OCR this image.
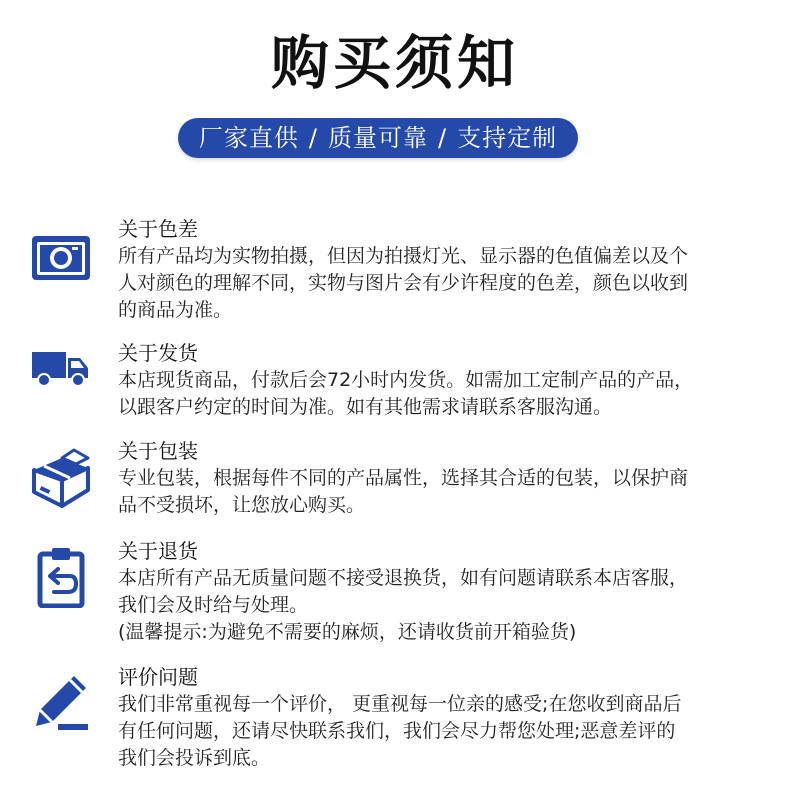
购买须知
厂家直供 / 质量可靠 / 支持定制
关于色差
所有产品均为实物拍摄，但因为拍摄灯光、显示器的色值偏差以及个
人对颜色的理解不同，实物与图片会有少许程度的色差，颜色以收到
的商品为准。
关于发货
本店现货商品，付款后会72小时内发货。如需加工定制产品的产品，
以跟客户约定的时间为准。如有其他需求请联系客服沟通。
关于包装
专业包装，根据每件不同的产品属性，选择其合适的包装，以保护商
品不受损坏，让您放心购买。
关于退货
本店所有产品无质量问题不接受退换货，如有问题请联系本店客服，
我们会及时给与处理。
(温馨提示:为避免不需要的麻烦，还请收货前开箱验货)
评价问题
我们非常重视每一个评价， 更重视每一位亲的感受;在您收到商品后
有任何问题，还请尽快联系我们，我们会尽力帮您处理;恶意差评的
我们会投诉到底。
